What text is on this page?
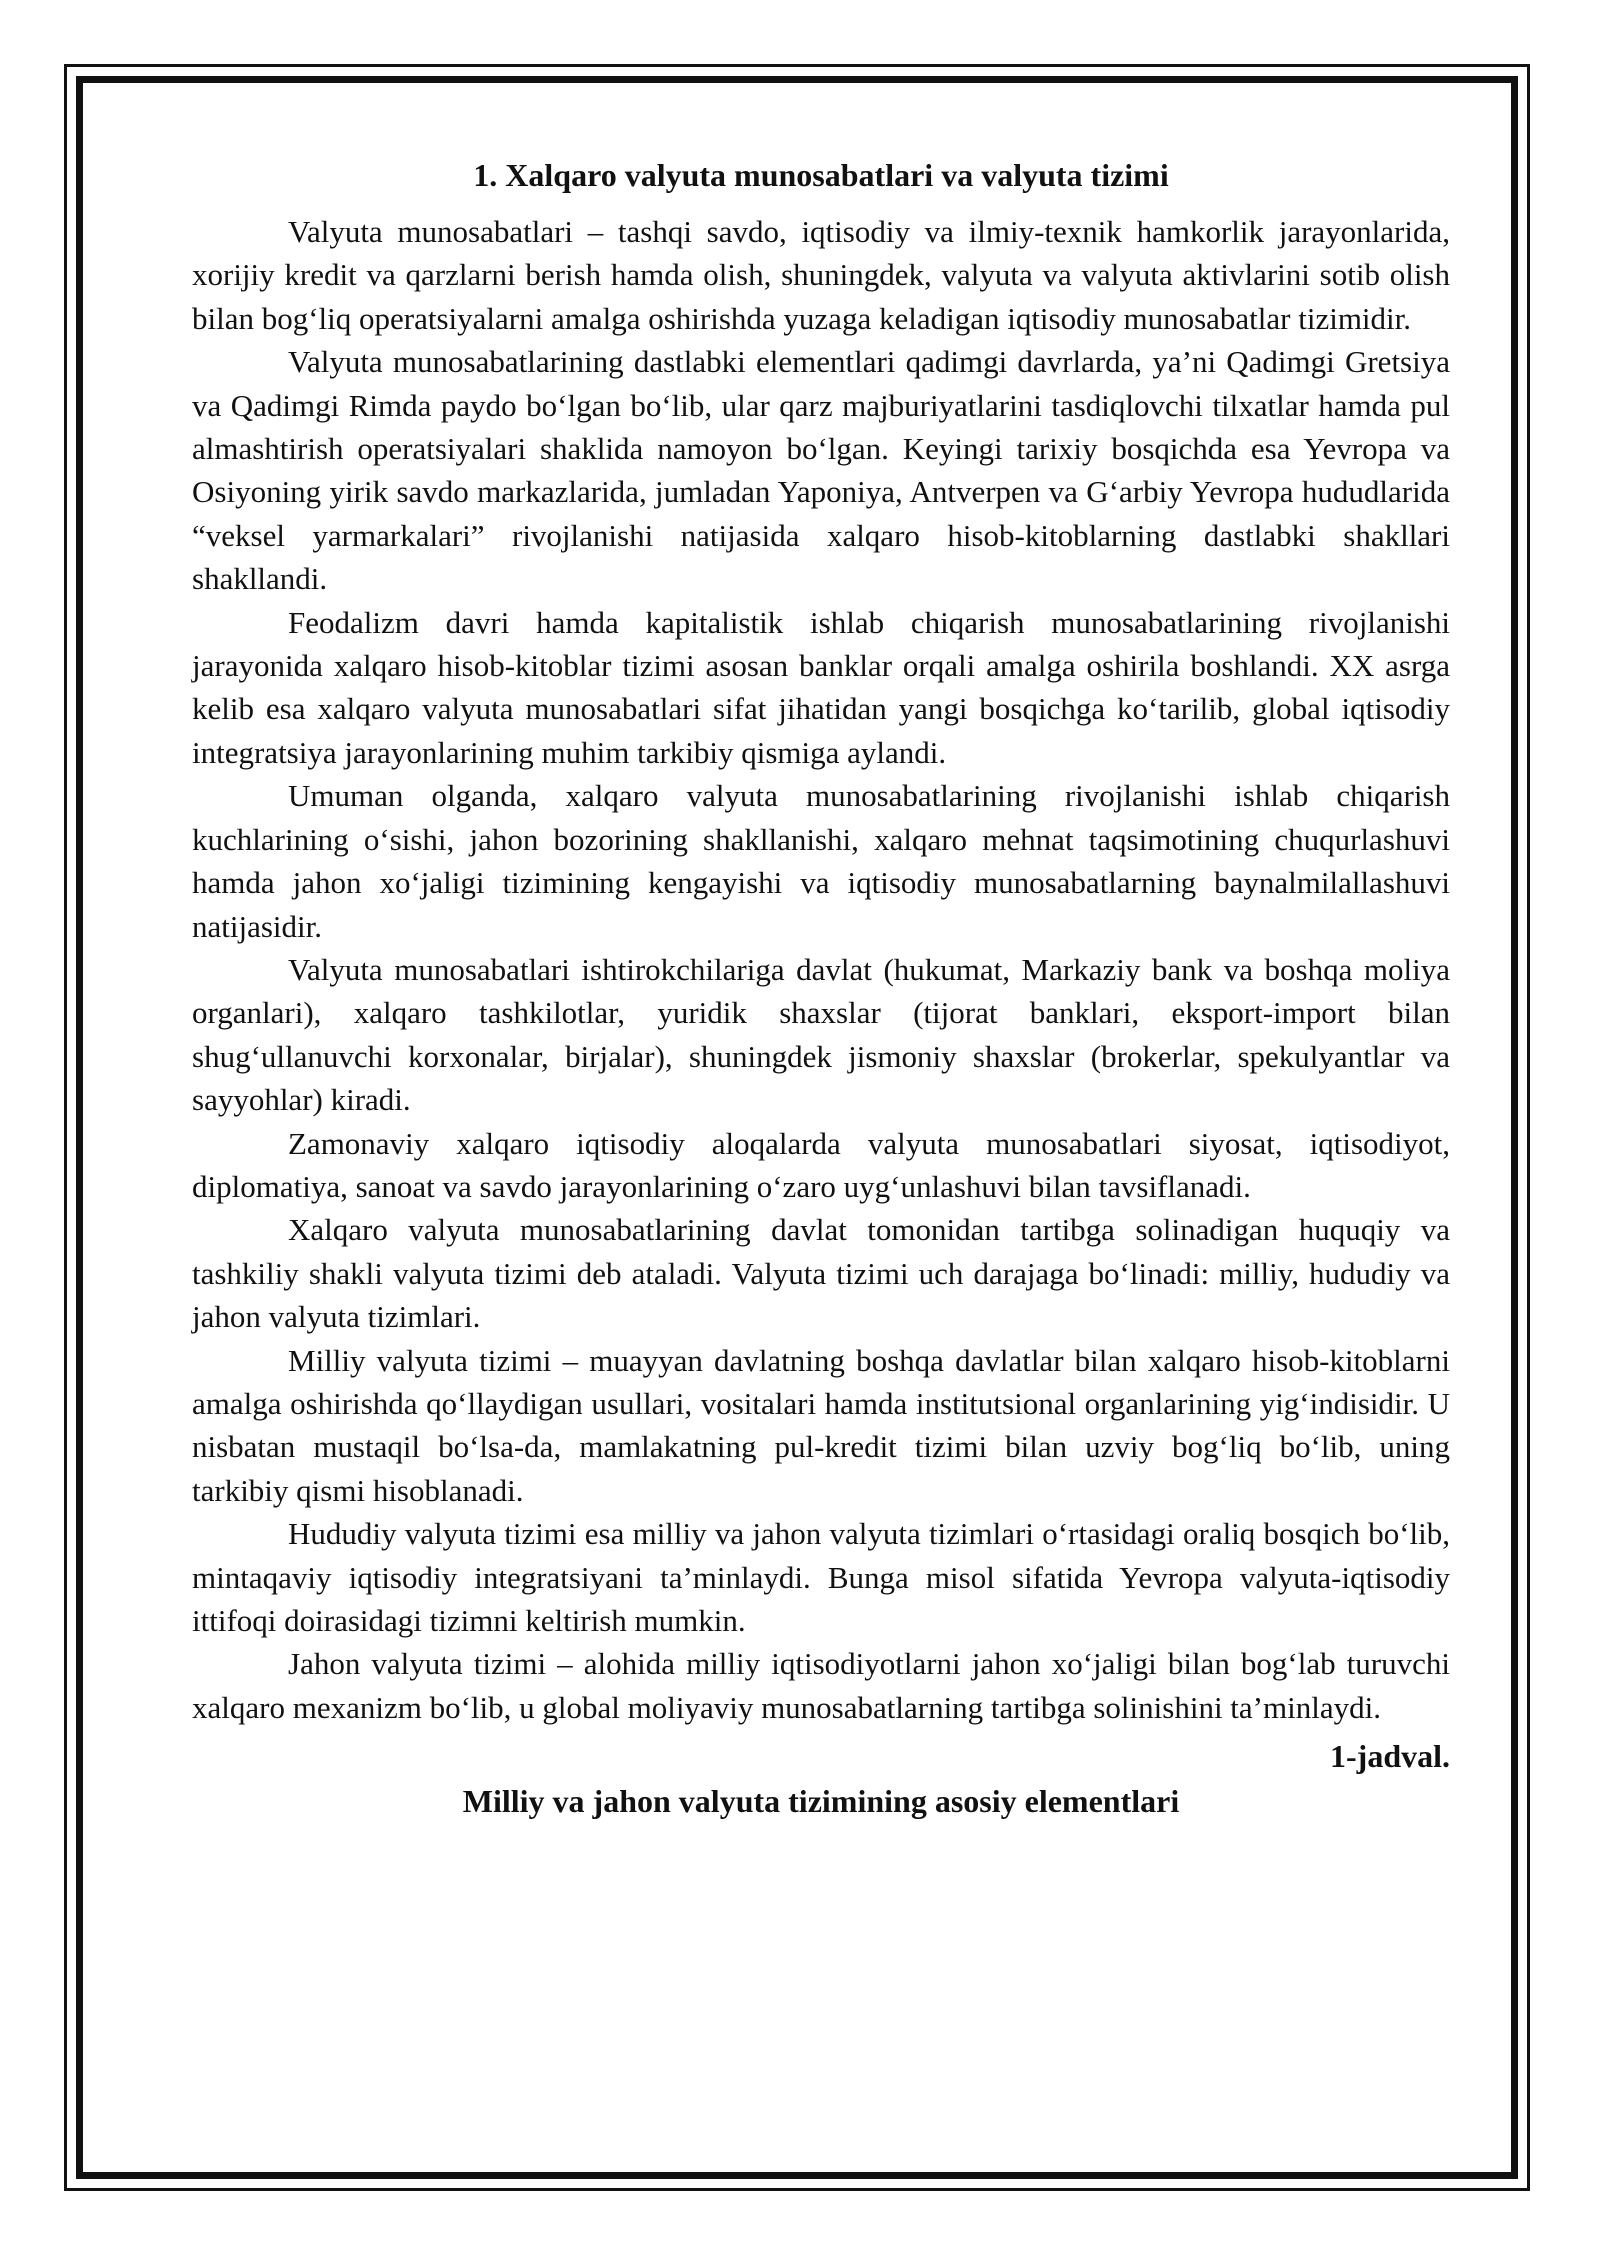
1. Xalqaro valyuta munosabatlari va valyuta tizimi

Valyuta munosabatlari – tashqi savdo, iqtisodiy va ilmiy-texnik hamkorlik jarayonlarida, xorijiy kredit va qarzlarni berish hamda olish, shuningdek, valyuta va valyuta aktivlarini sotib olish bilan bog‘liq operatsiyalarni amalga oshirishda yuzaga keladigan iqtisodiy munosabatlar tizimidir.

Valyuta munosabatlarining dastlabki elementlari qadimgi davrlarda, ya’ni Qadimgi Gretsiya va Qadimgi Rimda paydo bo‘lgan bo‘lib, ular qarz majburiyatlarini tasdiqlovchi tilxatlar hamda pul almashtirish operatsiyalari shaklida namoyon bo‘lgan. Keyingi tarixiy bosqichda esa Yevropa va Osiyoning yirik savdo markazlarida, jumladan Yaponiya, Antverpen va G‘arbiy Yevropa hududlarida “veksel yarmarkalari” rivojlanishi natijasida xalqaro hisob-kitoblarning dastlabki shakllari shakllandi.

Feodalizm davri hamda kapitalistik ishlab chiqarish munosabatlarining rivojlanishi jarayonida xalqaro hisob-kitoblar tizimi asosan banklar orqali amalga oshirila boshlandi. XX asrga kelib esa xalqaro valyuta munosabatlari sifat jihatidan yangi bosqichga ko‘tarilib, global iqtisodiy integratsiya jarayonlarining muhim tarkibiy qismiga aylandi.

Umuman olganda, xalqaro valyuta munosabatlarining rivojlanishi ishlab chiqarish kuchlarining o‘sishi, jahon bozorining shakllanishi, xalqaro mehnat taqsimotining chuqurlashuvi hamda jahon xo‘jaligi tizimining kengayishi va iqtisodiy munosabatlarning baynalmilallashuvi natijasidir.

Valyuta munosabatlari ishtirokchilariga davlat (hukumat, Markaziy bank va boshqa moliya organlari), xalqaro tashkilotlar, yuridik shaxslar (tijorat banklari, eksport-import bilan shug‘ullanuvchi korxonalar, birjalar), shuningdek jismoniy shaxslar (brokerlar, spekulyantlar va sayyohlar) kiradi.

Zamonaviy xalqaro iqtisodiy aloqalarda valyuta munosabatlari siyosat, iqtisodiyot, diplomatiya, sanoat va savdo jarayonlarining o‘zaro uyg‘unlashuvi bilan tavsiflanadi.

Xalqaro valyuta munosabatlarining davlat tomonidan tartibga solinadigan huquqiy va tashkiliy shakli valyuta tizimi deb ataladi. Valyuta tizimi uch darajaga bo‘linadi: milliy, hududiy va jahon valyuta tizimlari.

Milliy valyuta tizimi – muayyan davlatning boshqa davlatlar bilan xalqaro hisob-kitoblarni amalga oshirishda qo‘llaydigan usullari, vositalari hamda institutsional organlarining yig‘indisidir. U nisbatan mustaqil bo‘lsa-da, mamlakatning pul-kredit tizimi bilan uzviy bog‘liq bo‘lib, uning tarkibiy qismi hisoblanadi.

Hududiy valyuta tizimi esa milliy va jahon valyuta tizimlari o‘rtasidagi oraliq bosqich bo‘lib, mintaqaviy iqtisodiy integratsiyani ta’minlaydi. Bunga misol sifatida Yevropa valyuta-iqtisodiy ittifoqi doirasidagi tizimni keltirish mumkin.

Jahon valyuta tizimi – alohida milliy iqtisodiyotlarni jahon xo‘jaligi bilan bog‘lab turuvchi xalqaro mexanizm bo‘lib, u global moliyaviy munosabatlarning tartibga solinishini ta’minlaydi.

1-jadval.
Milliy va jahon valyuta tizimining asosiy elementlari
